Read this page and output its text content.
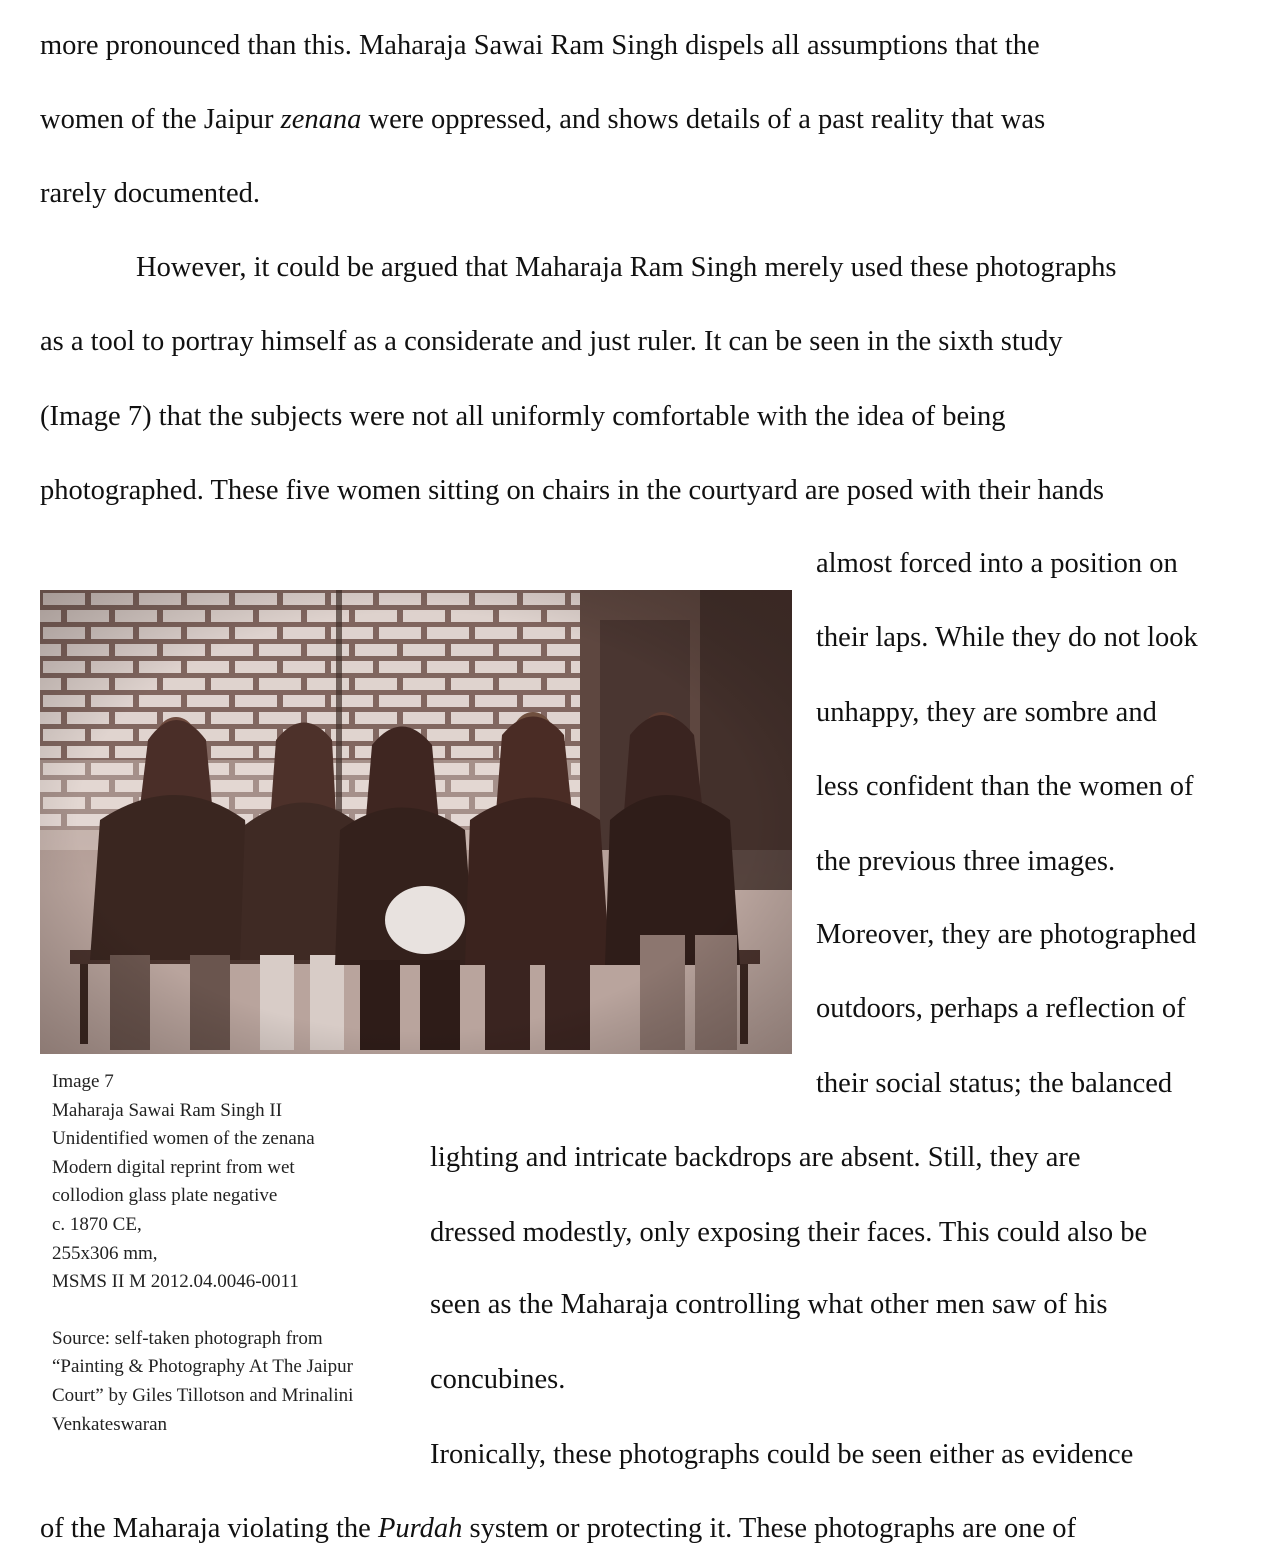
more pronounced than this. Maharaja Sawai Ram Singh dispels all assumptions that the

women of the Jaipur zenana were oppressed, and shows details of a past reality that was

rarely documented.

However, it could be argued that Maharaja Ram Singh merely used these photographs

as a tool to portray himself as a considerate and just ruler. It can be seen in the sixth study

(Image 7) that the subjects were not all uniformly comfortable with the idea of being

photographed. These five women sitting on chairs in the courtyard are posed with their hands

almost forced into a position on

their laps. While they do not look

unhappy, they are sombre and

less confident than the women of

the previous three images.

Moreover, they are photographed

outdoors, perhaps a reflection of

their social status; the balanced

lighting and intricate backdrops are absent. Still, they are

dressed modestly, only exposing their faces. This could also be

seen as the Maharaja controlling what other men saw of his

concubines.

Ironically, these photographs could be seen either as evidence

of the Maharaja violating the Purdah system or protecting it. These photographs are one of

Image 7

Maharaja Sawai Ram Singh II

Unidentified women of the zenana

Modern digital reprint from wet

collodion glass plate negative

c. 1870 CE,

255x306 mm,

MSMS II M 2012.04.0046-0011

Source: self-taken photograph from

“Painting & Photography At The Jaipur

Court” by Giles Tillotson and Mrinalini

Venkateswaran
